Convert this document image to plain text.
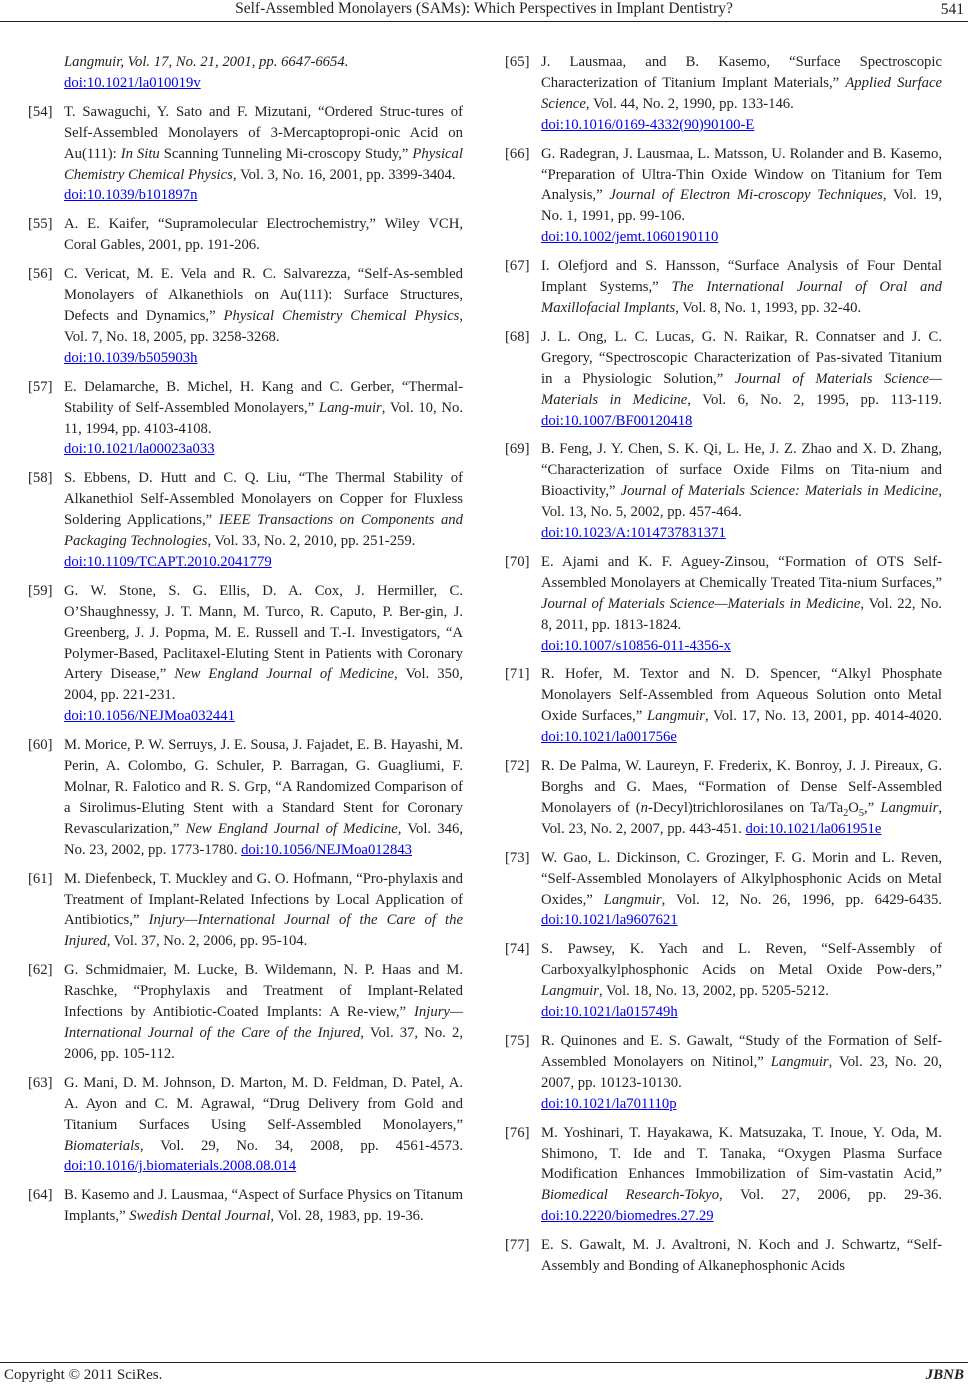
Self-Assembled Monolayers (SAMs): Which Perspectives in Implant Dentistry?	541
Langmuir, Vol. 17, No. 21, 2001, pp. 6647-6654.
doi:10.1021/la010019v
[54] T. Sawaguchi, Y. Sato and F. Mizutani, “Ordered Struc-tures of Self-Assembled Monolayers of 3-Mercaptopropi-onic Acid on Au(111): In Situ Scanning Tunneling Mi-croscopy Study,” Physical Chemistry Chemical Physics, Vol. 3, No. 16, 2001, pp. 3399-3404.
doi:10.1039/b101897n
[55] A. E. Kaifer, “Supramolecular Electrochemistry,” Wiley VCH, Coral Gables, 2001, pp. 191-206.
[56] C. Vericat, M. E. Vela and R. C. Salvarezza, “Self-As-sembled Monolayers of Alkanethiols on Au(111): Surface Structures, Defects and Dynamics,” Physical Chemistry Chemical Physics, Vol. 7, No. 18, 2005, pp. 3258-3268.
doi:10.1039/b505903h
[57] E. Delamarche, B. Michel, H. Kang and C. Gerber, “Thermal-Stability of Self-Assembled Monolayers,” Lang-muir, Vol. 10, No. 11, 1994, pp. 4103-4108.
doi:10.1021/la00023a033
[58] S. Ebbens, D. Hutt and C. Q. Liu, “The Thermal Stability of Alkanethiol Self-Assembled Monolayers on Copper for Fluxless Soldering Applications,” IEEE Transactions on Components and Packaging Technologies, Vol. 33, No. 2, 2010, pp. 251-259.
doi:10.1109/TCAPT.2010.2041779
[59] G. W. Stone, S. G. Ellis, D. A. Cox, J. Hermiller, C. O’Shaughnessy, J. T. Mann, M. Turco, R. Caputo, P. Ber-gin, J. Greenberg, J. J. Popma, M. E. Russell and T.-I. Investigators, “A Polymer-Based, Paclitaxel-Eluting Stent in Patients with Coronary Artery Disease,” New England Journal of Medicine, Vol. 350, 2004, pp. 221-231.
doi:10.1056/NEJMoa032441
[60] M. Morice, P. W. Serruys, J. E. Sousa, J. Fajadet, E. B. Hayashi, M. Perin, A. Colombo, G. Schuler, P. Barragan, G. Guagliumi, F. Molnar, R. Falotico and R. S. Grp, “A Randomized Comparison of a Sirolimus-Eluting Stent with a Standard Stent for Coronary Revascularization,” New England Journal of Medicine, Vol. 346, No. 23, 2002, pp. 1773-1780. doi:10.1056/NEJMoa012843
[61] M. Diefenbeck, T. Muckley and G. O. Hofmann, “Pro-phylaxis and Treatment of Implant-Related Infections by Local Application of Antibiotics,” Injury—International Journal of the Care of the Injured, Vol. 37, No. 2, 2006, pp. 95-104.
[62] G. Schmidmaier, M. Lucke, B. Wildemann, N. P. Haas and M. Raschke, “Prophylaxis and Treatment of Implant-Related Infections by Antibiotic-Coated Implants: A Re-view,” Injury—International Journal of the Care of the Injured, Vol. 37, No. 2, 2006, pp. 105-112.
[63] G. Mani, D. M. Johnson, D. Marton, M. D. Feldman, D. Patel, A. A. Ayon and C. M. Agrawal, “Drug Delivery from Gold and Titanium Surfaces Using Self-Assembled Monolayers,” Biomaterials, Vol. 29, No. 34, 2008, pp. 4561-4573. doi:10.1016/j.biomaterials.2008.08.014
[64] B. Kasemo and J. Lausmaa, “Aspect of Surface Physics on Titanum Implants,” Swedish Dental Journal, Vol. 28, 1983, pp. 19-36.
[65] J. Lausmaa, and B. Kasemo, “Surface Spectroscopic Characterization of Titanium Implant Materials,” Applied Surface Science, Vol. 44, No. 2, 1990, pp. 133-146.
doi:10.1016/0169-4332(90)90100-E
[66] G. Radegran, J. Lausmaa, L. Matsson, U. Rolander and B. Kasemo, “Preparation of Ultra-Thin Oxide Window on Titanium for Tem Analysis,” Journal of Electron Mi-croscopy Techniques, Vol. 19, No. 1, 1991, pp. 99-106.
doi:10.1002/jemt.1060190110
[67] I. Olefjord and S. Hansson, “Surface Analysis of Four Dental Implant Systems,” The International Journal of Oral and Maxillofacial Implants, Vol. 8, No. 1, 1993, pp. 32-40.
[68] J. L. Ong, L. C. Lucas, G. N. Raikar, R. Connatser and J. C. Gregory, “Spectroscopic Characterization of Pas-sivated Titanium in a Physiologic Solution,” Journal of Materials Science—Materials in Medicine, Vol. 6, No. 2, 1995, pp. 113-119. doi:10.1007/BF00120418
[69] B. Feng, J. Y. Chen, S. K. Qi, L. He, J. Z. Zhao and X. D. Zhang, “Characterization of surface Oxide Films on Tita-nium and Bioactivity,” Journal of Materials Science: Materials in Medicine, Vol. 13, No. 5, 2002, pp. 457-464.
doi:10.1023/A:1014737831371
[70] E. Ajami and K. F. Aguey-Zinsou, “Formation of OTS Self-Assembled Monolayers at Chemically Treated Tita-nium Surfaces,” Journal of Materials Science—Materials in Medicine, Vol. 22, No. 8, 2011, pp. 1813-1824.
doi:10.1007/s10856-011-4356-x
[71] R. Hofer, M. Textor and N. D. Spencer, “Alkyl Phosphate Monolayers Self-Assembled from Aqueous Solution onto Metal Oxide Surfaces,” Langmuir, Vol. 17, No. 13, 2001, pp. 4014-4020. doi:10.1021/la001756e
[72] R. De Palma, W. Laureyn, F. Frederix, K. Bonroy, J. J. Pireaux, G. Borghs and G. Maes, “Formation of Dense Self-Assembled Monolayers of (n-Decyl)trichlorosilanes on $Ta/Ta_2O_5$,” Langmuir, Vol. 23, No. 2, 2007, pp. 443-451. doi:10.1021/la061951e
[73] W. Gao, L. Dickinson, C. Grozinger, F. G. Morin and L. Reven, “Self-Assembled Monolayers of Alkylphosphonic Acids on Metal Oxides,” Langmuir, Vol. 12, No. 26, 1996, pp. 6429-6435. doi:10.1021/la9607621
[74] S. Pawsey, K. Yach and L. Reven, “Self-Assembly of Carboxyalkylphosphonic Acids on Metal Oxide Pow-ders,” Langmuir, Vol. 18, No. 13, 2002, pp. 5205-5212.
doi:10.1021/la015749h
[75] R. Quinones and E. S. Gawalt, “Study of the Formation of Self-Assembled Monolayers on Nitinol,” Langmuir, Vol. 23, No. 20, 2007, pp. 10123-10130.
doi:10.1021/la701110p
[76] M. Yoshinari, T. Hayakawa, K. Matsuzaka, T. Inoue, Y. Oda, M. Shimono, T. Ide and T. Tanaka, “Oxygen Plasma Surface Modification Enhances Immobilization of Sim-vastatin Acid,” Biomedical Research-Tokyo, Vol. 27, 2006, pp. 29-36. doi:10.2220/biomedres.27.29
[77] E. S. Gawalt, M. J. Avaltroni, N. Koch and J. Schwartz, “Self-Assembly and Bonding of Alkanephosphonic Acids
Copyright © 2011 SciRes.	JBNB
